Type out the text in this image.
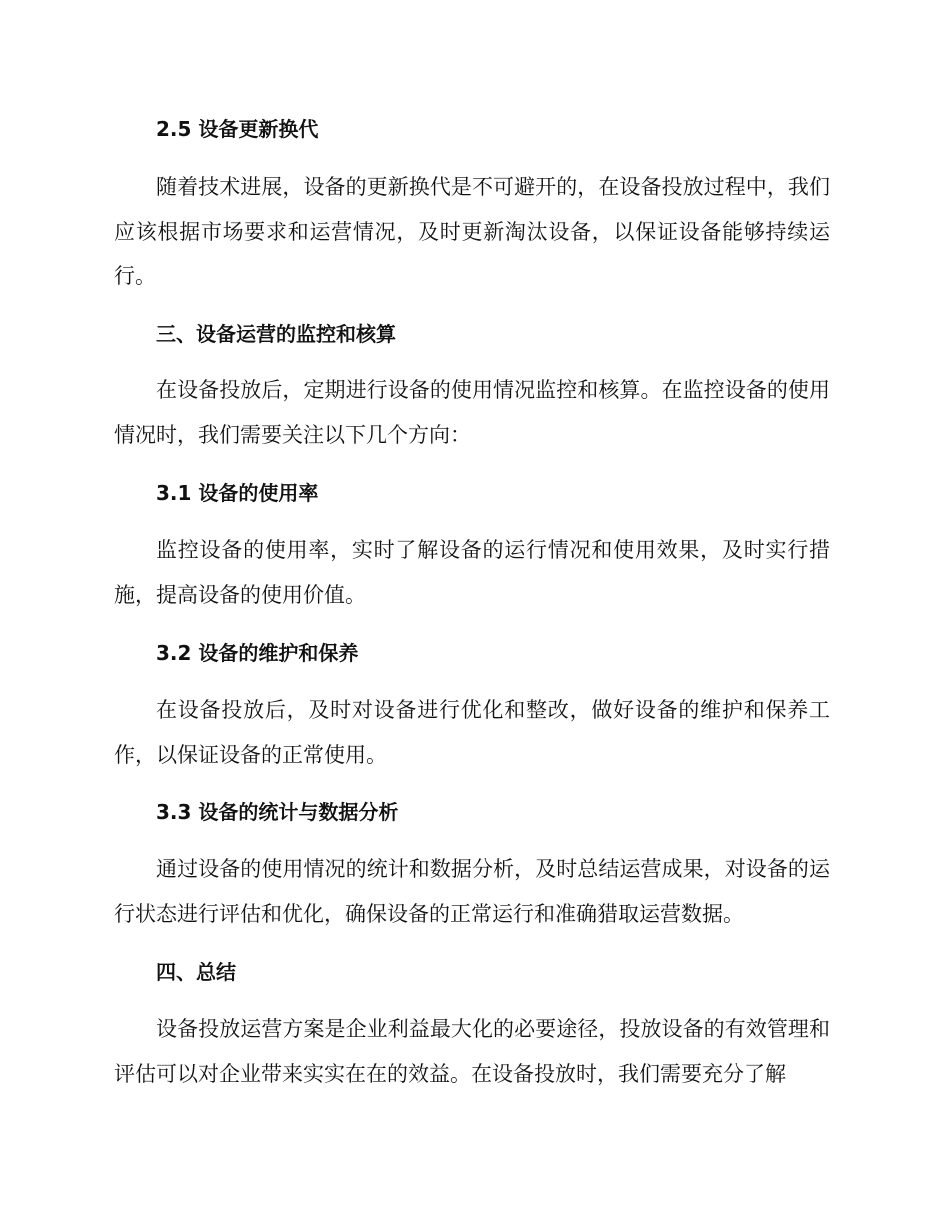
2.5 设备更新换代
随着技术进展，设备的更新换代是不可避开的，在设备投放过程中，我们应该根据市场要求和运营情况，及时更新淘汰设备，以保证设备能够持续运行。
三、设备运营的监控和核算
在设备投放后，定期进行设备的使用情况监控和核算。在监控设备的使用情况时，我们需要关注以下几个方向：
3.1 设备的使用率
监控设备的使用率，实时了解设备的运行情况和使用效果，及时实行措施，提高设备的使用价值。
3.2 设备的维护和保养
在设备投放后，及时对设备进行优化和整改，做好设备的维护和保养工作，以保证设备的正常使用。
3.3 设备的统计与数据分析
通过设备的使用情况的统计和数据分析，及时总结运营成果，对设备的运行状态进行评估和优化，确保设备的正常运行和准确猎取运营数据。
四、总结
设备投放运营方案是企业利益最大化的必要途径，投放设备的有效管理和评估可以对企业带来实实在在的效益。在设备投放时，我们需要充分了解
